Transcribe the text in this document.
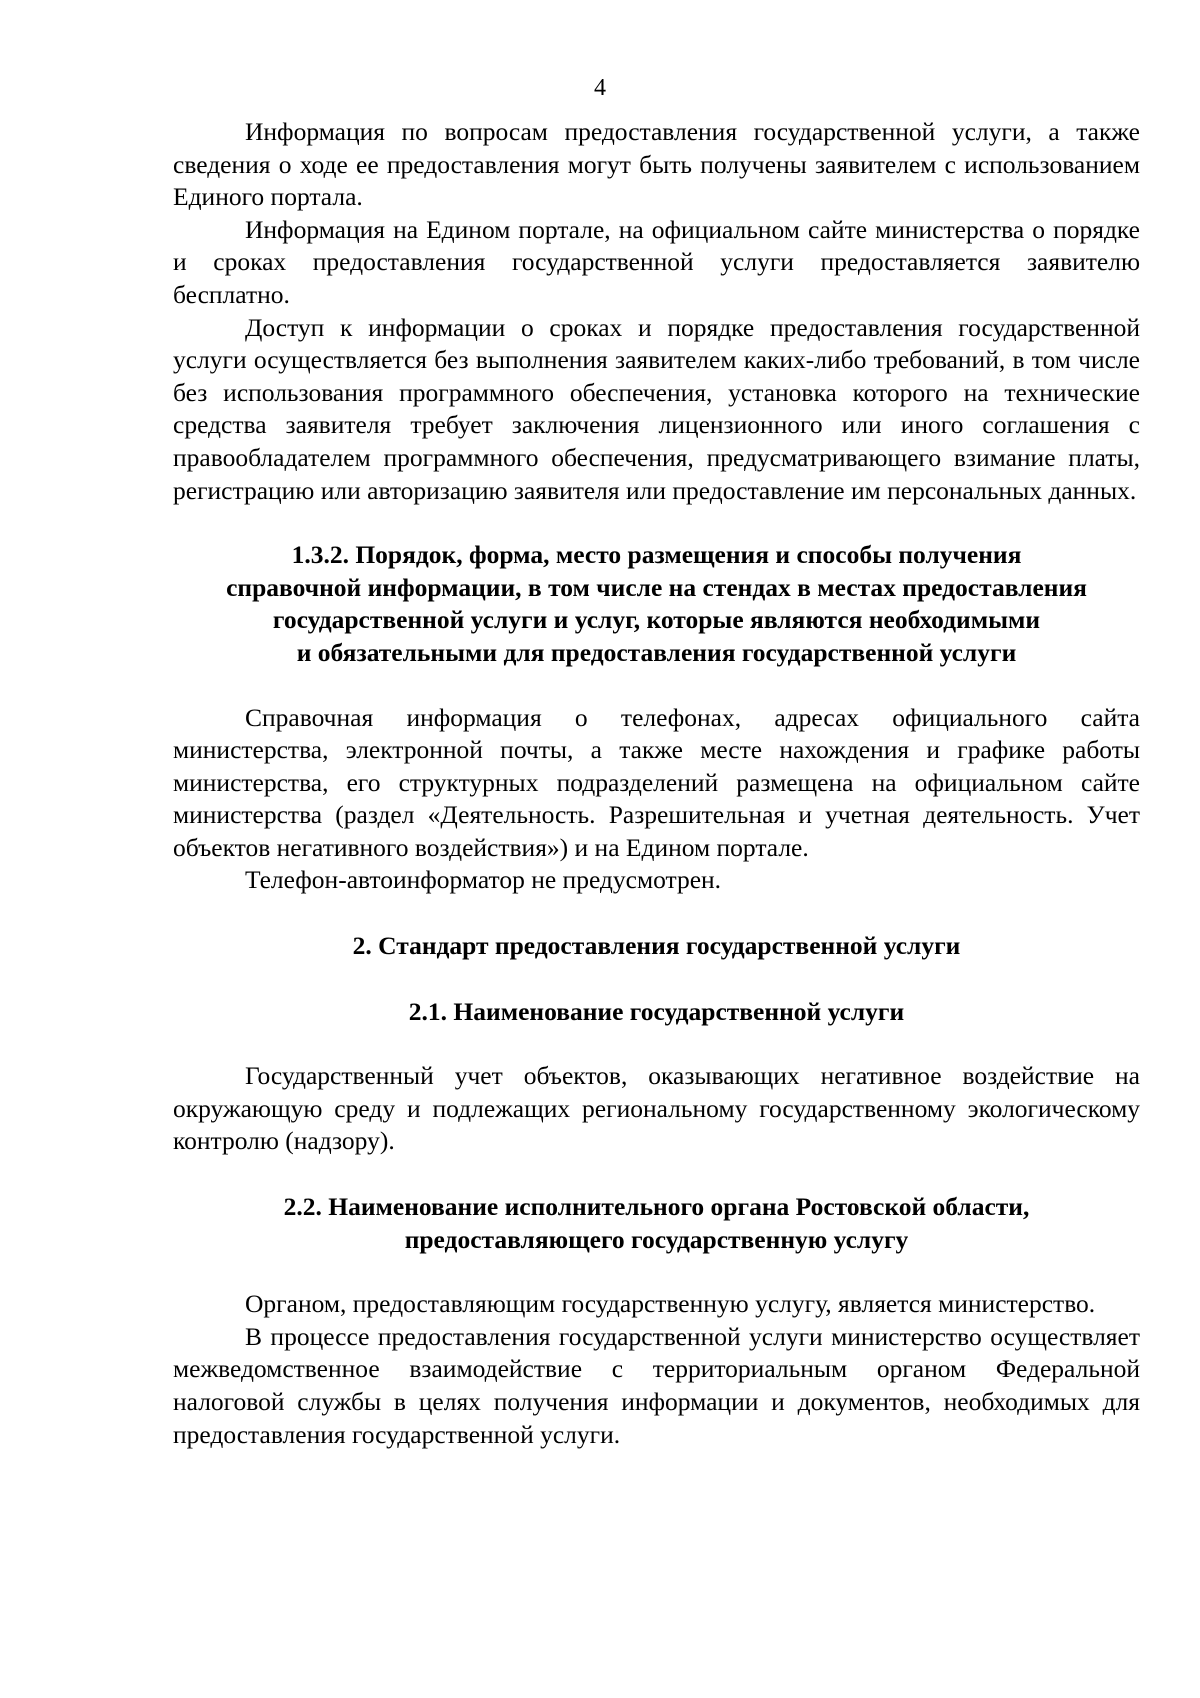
4

Информация по вопросам предоставления государственной услуги, а также сведения о ходе ее предоставления могут быть получены заявителем с использованием Единого портала.

Информация на Едином портале, на официальном сайте министерства о порядке и сроках предоставления государственной услуги предоставляется заявителю бесплатно.

Доступ к информации о сроках и порядке предоставления государственной услуги осуществляется без выполнения заявителем каких-либо требований, в том числе без использования программного обеспечения, установка которого на технические средства заявителя требует заключения лицензионного или иного соглашения с правообладателем программного обеспечения, предусматривающего взимание платы, регистрацию или авторизацию заявителя или предоставление им персональных данных.

1.3.2. Порядок, форма, место размещения и способы получения
справочной информации, в том числе на стендах в местах предоставления
государственной услуги и услуг, которые являются необходимыми
и обязательными для предоставления государственной услуги

Справочная информация о телефонах, адресах официального сайта министерства, электронной почты, а также месте нахождения и графике работы министерства, его структурных подразделений размещена на официальном сайте министерства (раздел «Деятельность. Разрешительная и учетная деятельность. Учет объектов негативного воздействия») и на Едином портале.

Телефон-автоинформатор не предусмотрен.

2. Стандарт предоставления государственной услуги
2.1. Наименование государственной услуги

Государственный учет объектов, оказывающих негативное воздействие на окружающую среду и подлежащих региональному государственному экологическому контролю (надзору).

2.2. Наименование исполнительного органа Ростовской области,
предоставляющего государственную услугу

Органом, предоставляющим государственную услугу, является министерство.

В процессе предоставления государственной услуги министерство осуществляет межведомственное взаимодействие с территориальным органом Федеральной налоговой службы в целях получения информации и документов, необходимых для предоставления государственной услуги.
